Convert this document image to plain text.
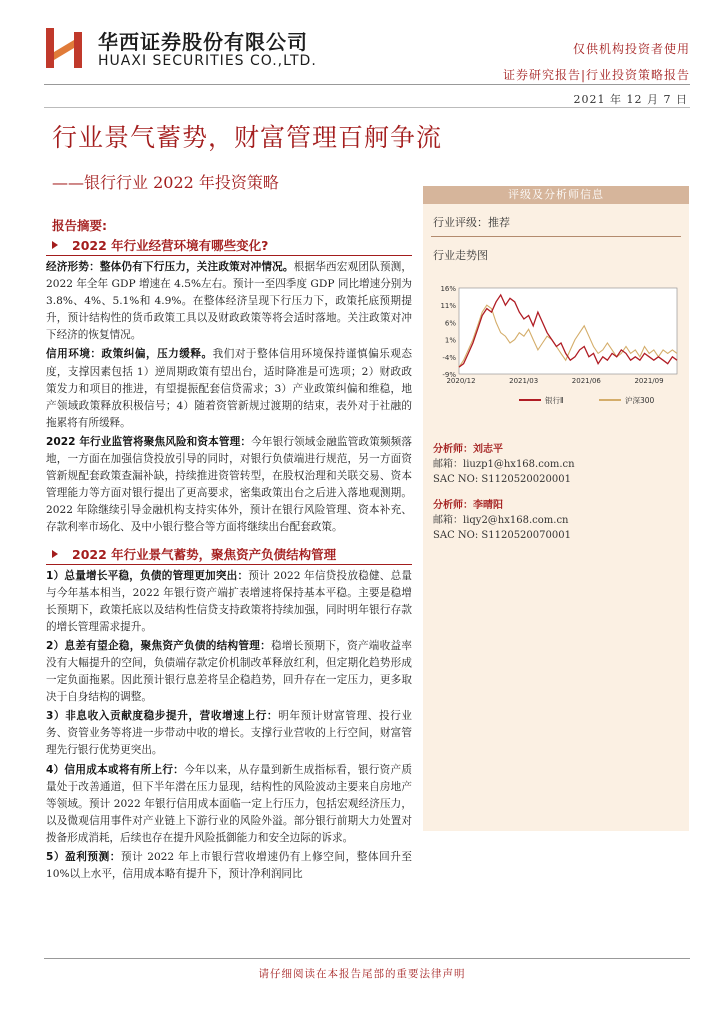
华西证券股份有限公司
HUAXI SECURITIES CO.,LTD.
仅供机构投资者使用
证券研究报告|行业投资策略报告
2021 年 12 月 7 日
行业景气蓄势，财富管理百舸争流
——银行行业 2022 年投资策略
报告摘要:
2022 年行业经营环境有哪些变化?

经济形势：整体仍有下行压力，关注政策对冲情况。根据华西宏观团队预测，2022 年全年 GDP 增速在 4.5%左右。预计一至四季度 GDP 同比增速分别为 3.8%、4%、5.1%和 4.9%。在整体经济呈现下行压力下，政策托底预期提升，预计结构性的货币政策工具以及财政政策等将会适时落地。关注政策对冲下经济的恢复情况。

信用环境：政策纠偏，压力缓释。我们对于整体信用环境保持谨慎偏乐观态度，支撑因素包括 1）逆周期政策有望出台，适时降准是可选项；2）财政政策发力和项目的推进，有望提振配套信贷需求；3）产业政策纠偏和维稳，地产领域政策释放积极信号；4）随着资管新规过渡期的结束，表外对于社融的拖累将有所缓释。

2022 年行业监管将聚焦风险和资本管理：今年银行领域金融监管政策频频落地，一方面在加强信贷投放引导的同时，对银行负债端进行规范，另一方面资管新规配套政策查漏补缺，持续推进资管转型，在股权治理和关联交易、资本管理能力等方面对银行提出了更高要求，密集政策出台之后进入落地观测期。2022 年除继续引导金融机构支持实体外，预计在银行风险管理、资本补充、存款利率市场化、及中小银行整合等方面将继续出台配套政策。

2022 年行业景气蓄势，聚焦资产负债结构管理

1）总量增长平稳，负债的管理更加突出：预计 2022 年信贷投放稳健、总量与今年基本相当，2022 年银行资产端扩表增速将保持基本平稳。主要是稳增长预期下，政策托底以及结构性信贷支持政策将持续加强，同时明年银行存款的增长管理需求提升。

2）息差有望企稳，聚焦资产负债的结构管理：稳增长预期下，资产端收益率没有大幅提升的空间，负债端存款定价机制改革释放红利，但定期化趋势形成一定负面拖累。因此预计银行息差将呈企稳趋势，回升存在一定压力，更多取决于自身结构的调整。

3）非息收入贡献度稳步提升，营收增速上行：明年预计财富管理、投行业务、资管业务等将进一步带动中收的增长。支撑行业营收的上行空间，财富管理先行银行优势更突出。

4）信用成本或将有所上行：今年以来，从存量到新生成指标看，银行资产质量处于改善通道，但下半年潜在压力显现，结构性的风险波动主要来自房地产等领域。预计 2022 年银行信用成本面临一定上行压力，包括宏观经济压力，以及微观信用事件对产业链上下游行业的风险外溢。部分银行前期大力处置对拨备形成消耗，后续也存在提升风险抵御能力和安全边际的诉求。

5）盈利预测：预计 2022 年上市银行营收增速仍有上修空间，整体回升至 10%以上水平，信用成本略有提升下，预计净利润同比

评级及分析师信息
行业评级：推荐
行业走势图
16%
11%
6%
1%
-4%
-9%
2020/12	2021/03	2021/06	2021/09
银行Ⅱ	沪深300
分析师：刘志平
邮箱：liuzp1@hx168.com.cn
SAC NO: S1120520020001
分析师：李晴阳
邮箱：liqy2@hx168.com.cn
SAC NO: S1120520070001
请仔细阅读在本报告尾部的重要法律声明
